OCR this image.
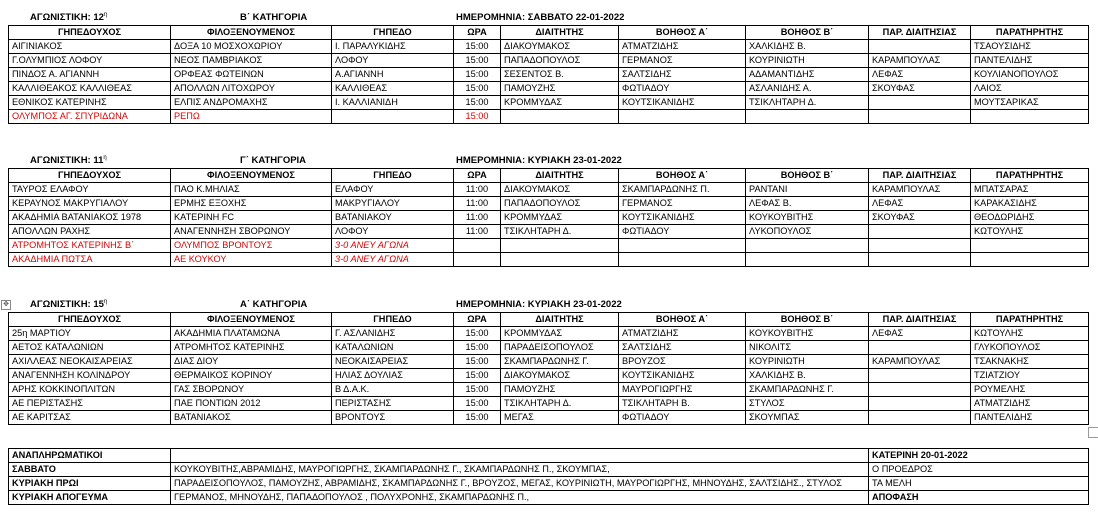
✥
ΑΓΩΝΙΣΤΙΚΗ: $12^\eta$	Β΄ ΚΑΤΗΓΟΡΙΑ	ΗΜΕΡΟΜΗΝΙΑ: ΣΑΒΒΑΤΟ 22-01-2022
ΓΗΠΕΔΟΥΧΟΣ	ΦΙΛΟΞΕΝΟΥΜΕΝΟΣ	ΓΗΠΕΔΟ	ΩΡΑ	ΔΙΑΙΤΗΤΗΣ	ΒΟΗΘΟΣ Α΄	ΒΟΗΘΟΣ Β΄	ΠΑΡ. ΔΙΑΙΤΗΣΙΑΣ	ΠΑΡΑΤΗΡΗΤΗΣ
ΑΙΓΙΝΙΑΚΟΣ	ΔΟΞΑ 10 ΜΟΣΧΟΧΩΡΙΟΥ	Ι. ΠΑΡΑΛΥΚΙΔΗΣ	15:00	ΔΙΑΚΟΥΜΑΚΟΣ	ΑΤΜΑΤΖΙΔΗΣ	ΧΑΛΚΙΔΗΣ Β.		ΤΣΑΟΥΣΙΔΗΣ
Γ.ΟΛΥΜΠΙΟΣ ΛΟΦΟΥ	ΝΕΟΣ ΠΑΜΒΡΙΑΚΟΣ	ΛΟΦΟΥ	15:00	ΠΑΠΑΔΟΠΟΥΛΟΣ	ΓΕΡΜΑΝΟΣ	ΚΟΥΡΙΝΙΩΤΗ	ΚΑΡΑΜΠΟΥΛΑΣ	ΠΑΝΤΕΛΙΔΗΣ
ΠΙΝΔΟΣ Α. ΑΓΙΑΝΝΗ	ΟΡΦΕΑΣ ΦΩΤΕΙΝΩΝ	Α.ΑΓΙΑΝΝΗ	15:00	ΣΕΣΕΝΤΟΣ Β.	ΣΑΛΤΣΙΔΗΣ	ΑΔΑΜΑΝΤΙΔΗΣ	ΛΕΦΑΣ	ΚΟΥΛΙΑΝΟΠΟΥΛΟΣ
ΚΑΛΛΙΘΕΑΚΟΣ ΚΑΛΛΙΘΕΑΣ	ΑΠΟΛΛΩΝ ΛΙΤΟΧΩΡΟΥ	ΚΑΛΛΙΘΕΑΣ	15:00	ΠΑΜΟΥΖΗΣ	ΦΩΤΙΑΔΟΥ	ΑΣΛΑΝΙΔΗΣ Α.	ΣΚΟΥΦΑΣ	ΛΑΙΟΣ
ΕΘΝΙΚΟΣ ΚΑΤΕΡΙΝΗΣ	ΕΛΠΙΣ ΑΝΔΡΟΜΑΧΗΣ	Ι. ΚΑΛΛΙΑΝΙΔΗ	15:00	ΚΡΟΜΜΥΔΑΣ	ΚΟΥΤΣΙΚΑΝΙΔΗΣ	ΤΣΙΚΛΗΤΑΡΗ Δ.		ΜΟΥΤΣΑΡΙΚΑΣ
ΟΛΥΜΠΟΣ ΑΓ. ΣΠΥΡΙΔΩΝΑ	ΡΕΠΩ		15:00					
ΑΓΩΝΙΣΤΙΚΗ: $11^\eta$	Γ΄ ΚΑΤΗΓΟΡΙΑ	ΗΜΕΡΟΜΗΝΙΑ: ΚΥΡΙΑΚΗ 23-01-2022
ΓΗΠΕΔΟΥΧΟΣ	ΦΙΛΟΞΕΝΟΥΜΕΝΟΣ	ΓΗΠΕΔΟ	ΩΡΑ	ΔΙΑΙΤΗΤΗΣ	ΒΟΗΘΟΣ Α΄	ΒΟΗΘΟΣ Β΄	ΠΑΡ. ΔΙΑΙΤΗΣΙΑΣ	ΠΑΡΑΤΗΡΗΤΗΣ
ΤΑΥΡΟΣ ΕΛΑΦΟΥ	ΠΑΟ Κ.ΜΗΛΙΑΣ	ΕΛΑΦΟΥ	11:00	ΔΙΑΚΟΥΜΑΚΟΣ	ΣΚΑΜΠΑΡΔΩΝΗΣ Π.	ΡΑΝΤΑΝΙ	ΚΑΡΑΜΠΟΥΛΑΣ	ΜΠΑΤΣΑΡΑΣ
ΚΕΡΑΥΝΟΣ ΜΑΚΡΥΓΙΑΛΟΥ	ΕΡΜΗΣ ΕΞΟΧΗΣ	ΜΑΚΡΥΓΙΑΛΟΥ	11:00	ΠΑΠΑΔΟΠΟΥΛΟΣ	ΓΕΡΜΑΝΟΣ	ΛΕΦΑΣ Β.	ΛΕΦΑΣ	ΚΑΡΑΚΑΣΙΔΗΣ
ΑΚΑΔΗΜΙΑ ΒΑΤΑΝΙΑΚΟΣ 1978	ΚΑΤΕΡΙΝΗ FC	ΒΑΤΑΝΙΑΚΟΥ	11:00	ΚΡΟΜΜΥΔΑΣ	ΚΟΥΤΣΙΚΑΝΙΔΗΣ	ΚΟΥΚΟΥΒΙΤΗΣ	ΣΚΟΥΦΑΣ	ΘΕΟΔΩΡΙΔΗΣ
ΑΠΟΛΛΩΝ ΡΑΧΗΣ	ΑΝΑΓΕΝΝΗΣΗ ΣΒΟΡΩΝΟΥ	ΛΟΦΟΥ	11:00	ΤΣΙΚΛΗΤΑΡΗ Δ.	ΦΩΤΙΑΔΟΥ	ΛΥΚΟΠΟΥΛΟΣ		ΚΩΤΟΥΛΗΣ
ΑΤΡΟΜΗΤΟΣ ΚΑΤΕΡΙΝΗΣ Β΄	ΟΛΥΜΠΟΣ ΒΡΟΝΤΟΥΣ	3-0 ΑΝΕΥ ΑΓΩΝΑ						
ΑΚΑΔΗΜΙΑ ΠΩΤΣΑ	ΑΕ ΚΟΥΚΟΥ	3-0 ΑΝΕΥ ΑΓΩΝΑ						
ΑΓΩΝΙΣΤΙΚΗ: $15^\eta$	Α΄ ΚΑΤΗΓΟΡΙΑ	ΗΜΕΡΟΜΗΝΙΑ: ΚΥΡΙΑΚΗ 23-01-2022
ΓΗΠΕΔΟΥΧΟΣ	ΦΙΛΟΞΕΝΟΥΜΕΝΟΣ	ΓΗΠΕΔΟ	ΩΡΑ	ΔΙΑΙΤΗΤΗΣ	ΒΟΗΘΟΣ Α΄	ΒΟΗΘΟΣ Β΄	ΠΑΡ. ΔΙΑΙΤΗΣΙΑΣ	ΠΑΡΑΤΗΡΗΤΗΣ
25η ΜΑΡΤΙΟΥ	ΑΚΑΔΗΜΙΑ ΠΛΑΤΑΜΩΝΑ	Γ. ΑΣΛΑΝΙΔΗΣ	15:00	ΚΡΟΜΜΥΔΑΣ	ΑΤΜΑΤΖΙΔΗΣ	ΚΟΥΚΟΥΒΙΤΗΣ	ΛΕΦΑΣ	ΚΩΤΟΥΛΗΣ
ΑΕΤΟΣ ΚΑΤΑΛΩΝΙΩΝ	ΑΤΡΟΜΗΤΟΣ ΚΑΤΕΡΙΝΗΣ	ΚΑΤΑΛΩΝΙΩΝ	15:00	ΠΑΡΑΔΕΙΣΟΠΟΥΛΟΣ	ΣΑΛΤΣΙΔΗΣ	ΝΙΚΟΛΙΤΣ		ΓΛΥΚΟΠΟΥΛΟΣ
ΑΧΙΛΛΕΑΣ ΝΕΟΚΑΙΣΑΡΕΙΑΣ	ΔΙΑΣ ΔΙΟΥ	ΝΕΟΚΑΙΣΑΡΕΙΑΣ	15:00	ΣΚΑΜΠΑΡΔΩΝΗΣ Γ.	ΒΡΟΥΖΟΣ	ΚΟΥΡΙΝΙΩΤΗ	ΚΑΡΑΜΠΟΥΛΑΣ	ΤΣΑΚΝΑΚΗΣ
ΑΝΑΓΕΝΝΗΣΗ ΚΟΛΙΝΔΡΟΥ	ΘΕΡΜΑΙΚΟΣ ΚΟΡΙΝΟΥ	ΗΛΙΑΣ ΔΟΥΛΙΑΣ	15:00	ΔΙΑΚΟΥΜΑΚΟΣ	ΚΟΥΤΣΙΚΑΝΙΔΗΣ	ΧΑΛΚΙΔΗΣ Β.		ΤΖΙΑΤΖΙΟΥ
ΑΡΗΣ ΚΟΚΚΙΝΟΠΛΙΤΩΝ	ΓΑΣ ΣΒΟΡΩΝΟΥ	Β Δ.Α.Κ.	15:00	ΠΑΜΟΥΖΗΣ	ΜΑΥΡΟΓΙΩΡΓΗΣ	ΣΚΑΜΠΑΡΔΩΝΗΣ Γ.		ΡΟΥΜΕΛΗΣ
ΑΕ ΠΕΡΙΣΤΑΣΗΣ	ΠΑΕ ΠΟΝΤΙΩΝ 2012	ΠΕΡΙΣΤΑΣΗΣ	15:00	ΤΣΙΚΛΗΤΑΡΗ Δ.	ΤΣΙΚΛΗΤΑΡΗ Β.	ΣΤΥΛΟΣ		ΑΤΜΑΤΖΙΔΗΣ
ΑΕ ΚΑΡΙΤΣΑΣ	ΒΑΤΑΝΙΑΚΟΣ	ΒΡΟΝΤΟΥΣ	15:00	ΜΕΓΑΣ	ΦΩΤΙΑΔΟΥ	ΣΚΟΥΜΠΑΣ		ΠΑΝΤΕΛΙΔΗΣ
ΑΝΑΠΛΗΡΩΜΑΤΙΚΟΙ		ΚΑΤΕΡΙΝΗ 20-01-2022
ΣΑΒΒΑΤΟ	ΚΟΥΚΟΥΒΙΤΗΣ,ΑΒΡΑΜΙΔΗΣ, ΜΑΥΡΟΓΙΩΡΓΗΣ, ΣΚΑΜΠΑΡΔΩΝΗΣ Γ., ΣΚΑΜΠΑΡΔΩΝΗΣ Π., ΣΚΟΥΜΠΑΣ,	Ο ΠΡΟΕΔΡΟΣ
ΚΥΡΙΑΚΗ ΠΡΩΙ	ΠΑΡΑΔΕΙΣΟΠΟΥΛΟΣ, ΠΑΜΟΥΖΗΣ, ΑΒΡΑΜΙΔΗΣ, ΣΚΑΜΠΑΡΔΩΝΗΣ Γ., ΒΡΟΥΖΟΣ, ΜΕΓΑΣ, ΚΟΥΡΙΝΙΩΤΗ, ΜΑΥΡΟΓΙΩΡΓΗΣ, ΜΗΝΟΥΔΗΣ, ΣΑΛΤΣΙΔΗΣ., ΣΤΥΛΟΣ	ΤΑ ΜΕΛΗ
ΚΥΡΙΑΚΗ ΑΠΟΓΕΥΜΑ	ΓΕΡΜΑΝΟΣ, ΜΗΝΟΥΔΗΣ, ΠΑΠΑΔΟΠΟΥΛΟΣ , ΠΟΛΥΧΡΟΝΗΣ, ΣΚΑΜΠΑΡΔΩΝΗΣ Π.,	ΑΠΟΦΑΣΗ
